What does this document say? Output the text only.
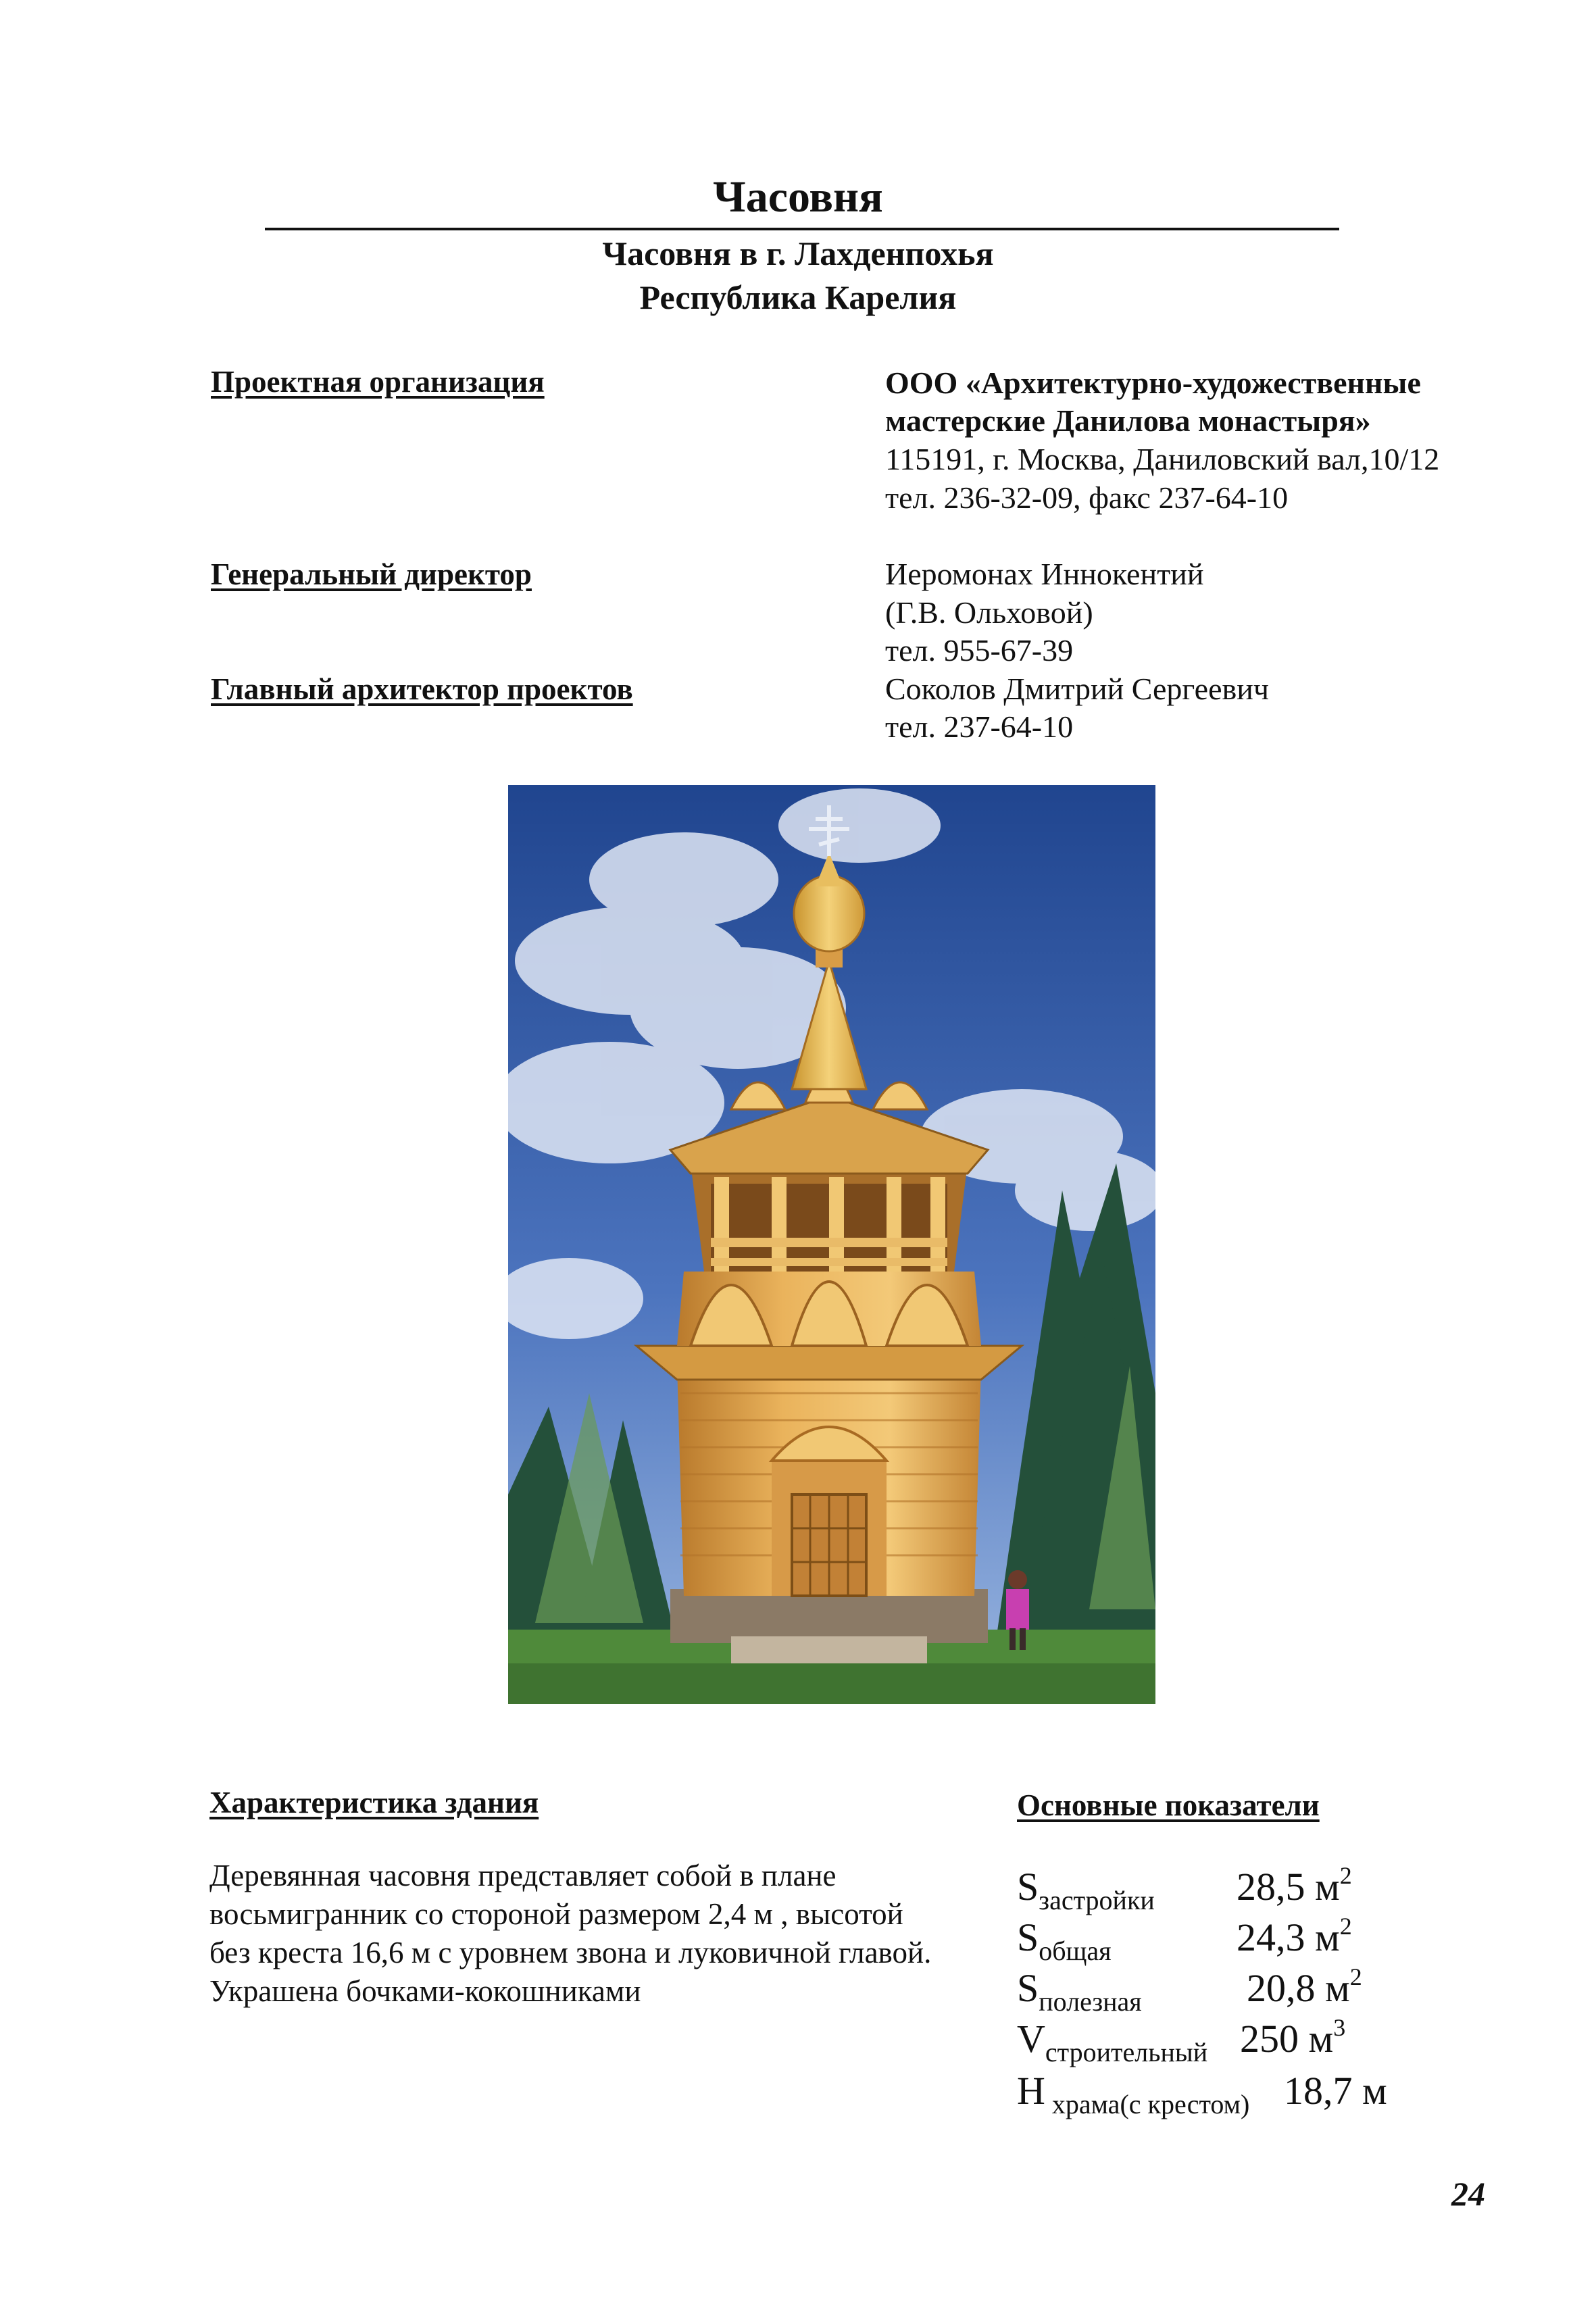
Часовня
Часовня в г. Лахденпохья
Республика Карелия
Проектная организация	ООО «Архитектурно-художественные
мастерские Данилова монастыря»
115191, г. Москва, Даниловский вал,10/12
тел. 236-32-09, факс 237-64-10
Генеральный директор	Иеромонах Иннокентий
(Г.В. Ольховой)
тел. 955-67-39
Главный архитектор проектов	Соколов Дмитрий Сергеевич
тел. 237-64-10
Характеристика здания
Деревянная часовня представляет собой в плане восьмигранник со стороной размером 2,4 м , высотой без креста 16,6 м с уровнем звона и луковичной главой. Украшена бочками-кокошниками
Основные показатели
$S_{застройки}$ 28,5 $м^2$
$S_{общая}$	24,3 $м^2$
$S_{полезная}$	20,8 $м^2$
$V_{строительный}$ 250 $м^3$
H $_{храма(с крестом)}$ 18,7 м
24
